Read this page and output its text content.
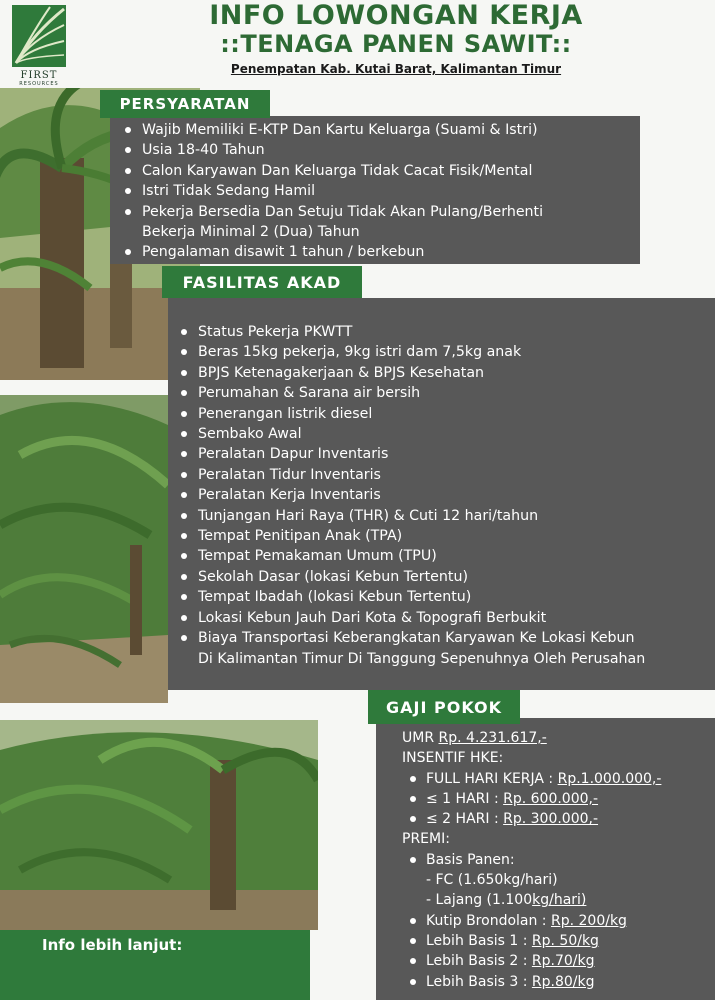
FIRST
RESOURCES
INFO LOWONGAN KERJA
::TENAGA PANEN SAWIT::
Penempatan Kab. Kutai Barat, Kalimantan Timur
Wajib Memiliki E-KTP Dan Kartu Keluarga (Suami & Istri)
Usia 18-40 Tahun
Calon Karyawan Dan Keluarga Tidak Cacat Fisik/Mental
Istri Tidak Sedang Hamil
Pekerja Bersedia Dan Setuju Tidak Akan Pulang/Berhenti
Bekerja Minimal 2 (Dua) Tahun
Pengalaman disawit 1 tahun / berkebun
PERSYARATAN
Status Pekerja PKWTT
Beras 15kg pekerja, 9kg istri dam 7,5kg anak
BPJS Ketenagakerjaan & BPJS Kesehatan
Perumahan & Sarana air bersih
Penerangan listrik diesel
Sembako Awal
Peralatan Dapur Inventaris
Peralatan Tidur Inventaris
Peralatan Kerja Inventaris
Tunjangan Hari Raya (THR) & Cuti 12 hari/tahun
Tempat Penitipan Anak (TPA)
Tempat Pemakaman Umum (TPU)
Sekolah Dasar (lokasi Kebun Tertentu)
Tempat Ibadah (lokasi Kebun Tertentu)
Lokasi Kebun Jauh Dari Kota & Topografi Berbukit
Biaya Transportasi Keberangkatan Karyawan Ke Lokasi Kebun
Di Kalimantan Timur Di Tanggung Sepenuhnya Oleh Perusahan
FASILITAS AKAD
UMR Rp. 4.231.617,-
INSENTIF HKE:
FULL HARI KERJA : Rp.1.000.000,-
≤ 1 HARI : Rp. 600.000,-
≤ 2 HARI : Rp. 300.000,-
PREMI:
Basis Panen:
- FC (1.650kg/hari)
- Lajang (1.100kg/hari)
Kutip Brondolan : Rp. 200/kg
Lebih Basis 1 : Rp. 50/kg
Lebih Basis 2 : Rp.70/kg
Lebih Basis 3 : Rp.80/kg
GAJI POKOK
Info lebih lanjut:
